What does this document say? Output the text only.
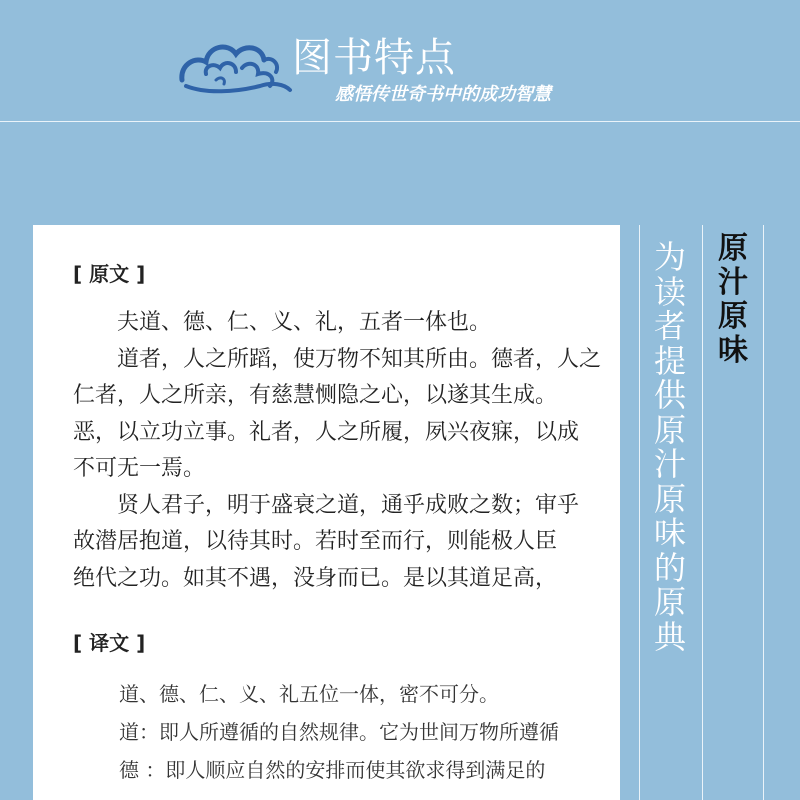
图书特点
感悟传世奇书中的成功智慧
[ 原文 ]

夫道、德、仁、义、礼，五者一体也。

道者，人之所蹈，使万物不知其所由。德者，人之

仁者，人之所亲，有慈慧恻隐之心，以遂其生成。

恶，以立功立事。礼者，人之所履，夙兴夜寐，以成

不可无一焉。

贤人君子，明于盛衰之道，通乎成败之数；审乎

故潜居抱道，以待其时。若时至而行，则能极人臣

绝代之功。如其不遇，没身而已。是以其道足高，

[ 译文 ]

道、德、仁、义、礼五位一体，密不可分。

道：即人所遵循的自然规律。它为世间万物所遵循

德 ：即人顺应自然的安排而使其欲求得到满足的

为读者提供原汁原味的原典
原汁原味
